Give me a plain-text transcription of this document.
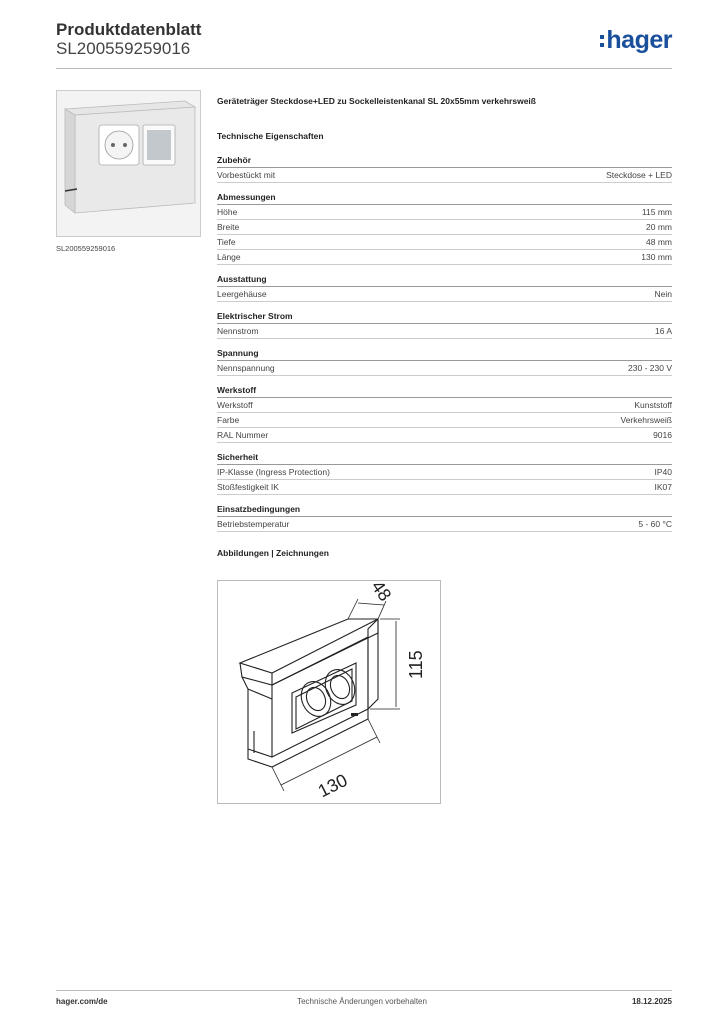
Produktdatenblatt
SL200559259016	hager
SL200559259016
Geräteträger Steckdose+LED zu Sockelleistenkanal SL 20x55mm verkehrsweiß
Technische Eigenschaften
Zubehör
Vorbestückt mit	Steckdose + LED
Abmessungen
Höhe	115 mm
Breite	20 mm
Tiefe	48 mm
Länge	130 mm
Ausstattung
Leergehäuse	Nein
Elektrischer Strom
Nennstrom	16 A
Spannung
Nennspannung	230 - 230 V
Werkstoff
Werkstoff	Kunststoff
Farbe	Verkehrsweiß
RAL Nummer	9016
Sicherheit
IP-Klasse (Ingress Protection)	IP40
Stoßfestigkeit IK	IK07
Einsatzbedingungen
Betriebstemperatur	5 - 60 °C
Abbildungen | Zeichnungen
48
115
130
hager.com/de	Technische Änderungen vorbehalten	18.12.2025
